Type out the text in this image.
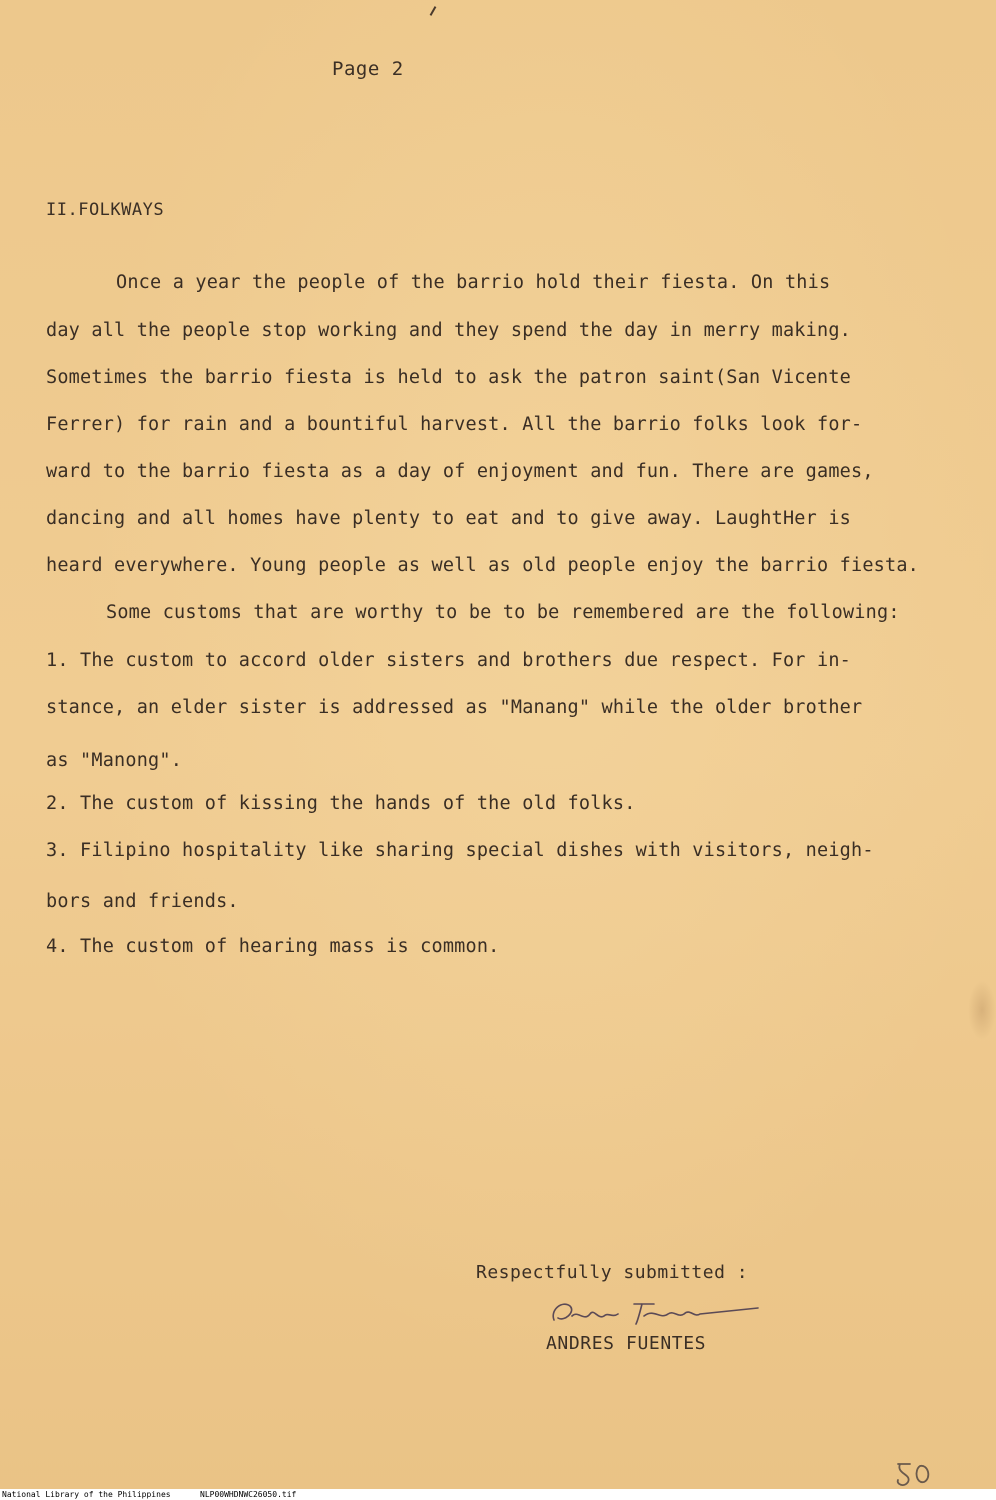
Page 2
II.FOLKWAYS
Once a year the people of the barrio hold their fiesta. On this
day all the people stop working and they spend the day in merry making.
Sometimes the barrio fiesta is held to ask the patron saint(San Vicente
Ferrer) for rain and a bountiful harvest. All the barrio folks look for-
ward to the barrio fiesta as a day of enjoyment and fun. There are games,
dancing and all homes have plenty to eat and to give away. LaughtHer is
heard everywhere. Young people as well as old people enjoy the barrio fiesta.
Some customs that are worthy to be to be remembered are the following:
1. The custom to accord older sisters and brothers due respect. For in-
stance, an elder sister is addressed as "Manang" while the older brother
as "Manong".
2. The custom of kissing the hands of the old folks.
3. Filipino hospitality like sharing special dishes with visitors, neigh-
bors and friends.
4. The custom of hearing mass is common.
Respectfully submitted :
ANDRES FUENTES
National Library of the Philippines	NLP00WHDNWC26050.tif
